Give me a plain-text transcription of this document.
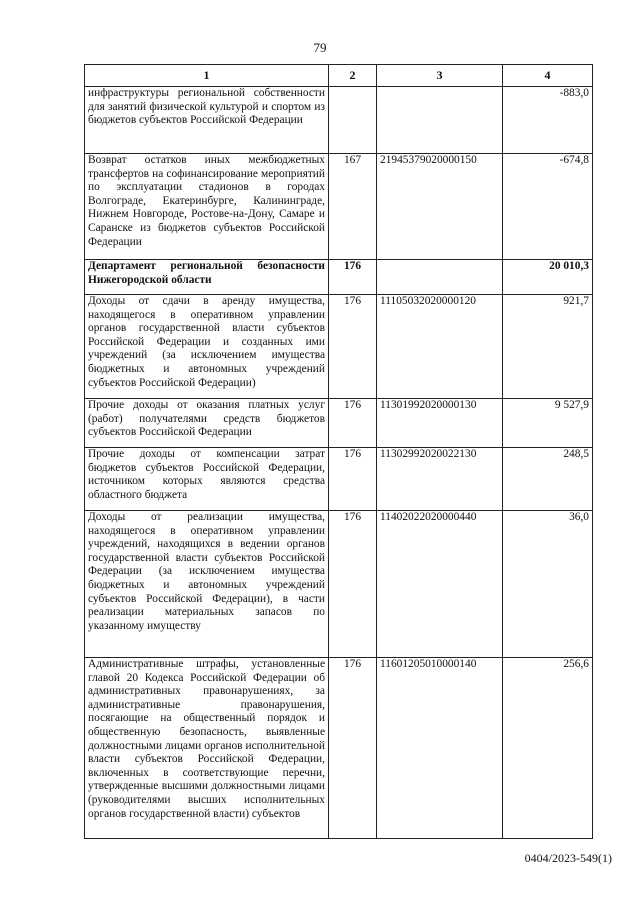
79
1	2	3	4
инфраструктуры региональной собственности для занятий физической культурой и спортом из бюджетов субъектов Российской Федерации			-883,0
Возврат остатков иных межбюджетных трансфертов на софинансирование мероприятий по эксплуатации стадионов в городах Волгограде, Екатеринбурге, Калининграде, Нижнем Новгороде, Ростове-на-Дону, Самаре и Саранске из бюджетов субъектов Российской Федерации	167	21945379020000150	-674,8
Департамент региональной безопасности Нижегородской области	176		20 010,3
Доходы от сдачи в аренду имущества, находящегося в оперативном управлении органов государственной власти субъектов Российской Федерации и созданных ими учреждений (за исключением имущества бюджетных и автономных учреждений субъектов Российской Федерации)	176	11105032020000120	921,7
Прочие доходы от оказания платных услуг (работ) получателями средств бюджетов субъектов Российской Федерации	176	11301992020000130	9 527,9
Прочие доходы от компенсации затрат бюджетов субъектов Российской Федерации, источником которых являются средства областного бюджета	176	11302992020022130	248,5
Доходы от реализации имущества, находящегося в оперативном управлении учреждений, находящихся в ведении органов государственной власти субъектов Российской Федерации (за исключением имущества бюджетных и автономных учреждений субъектов Российской Федерации), в части реализации материальных запасов по указанному имуществу	176	11402022020000440	36,0
Административные штрафы, установленные главой 20 Кодекса Российской Федерации об административных правонарушениях, за административные правонарушения, посягающие на общественный порядок и общественную безопасность, выявленные должностными лицами органов исполнительной власти субъектов Российской Федерации, включенных в соответствующие перечни, утвержденные высшими должностными лицами (руководителями высших исполнительных органов государственной власти) субъектов	176	11601205010000140	256,6
0404/2023-549(1)
